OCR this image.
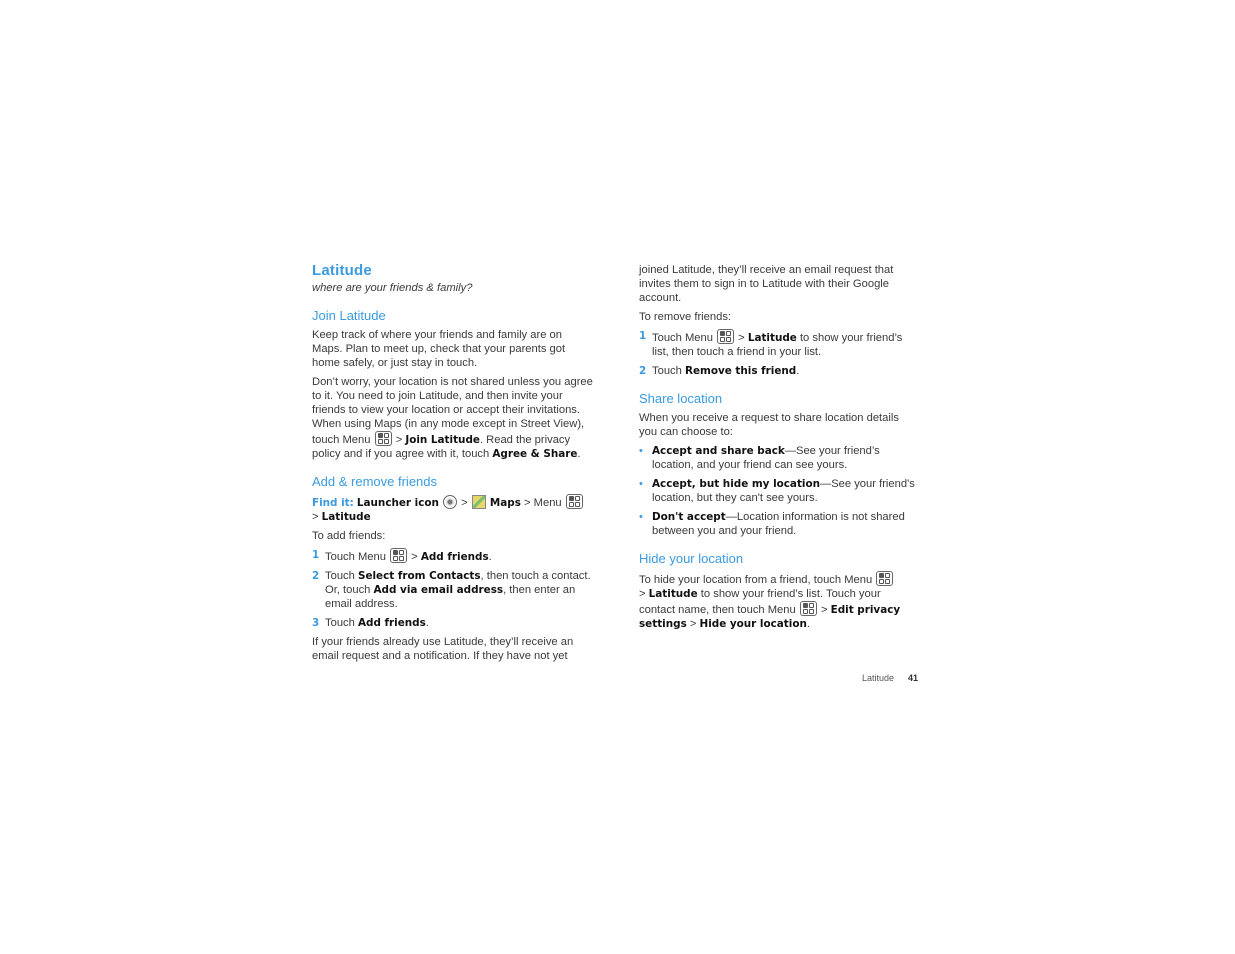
Latitude

where are your friends & family?

Join Latitude

Keep track of where your friends and family are on Maps. Plan to meet up, check that your parents got home safely, or just stay in touch.

Don’t worry, your location is not shared unless you agree to it. You need to join Latitude, and then invite your friends to view your location or accept their invitations. When using Maps (in any mode except in Street View), touch Menu > Join Latitude. Read the privacy policy and if you agree with it, touch Agree & Share.

Add & remove friends

Find it: Launcher icon > Maps > Menu

> Latitude

To add friends:

1 Touch Menu > Add friends.
2 Touch Select from Contacts, then touch a contact. Or, touch Add via email address, then enter an email address.
3 Touch Add friends.

If your friends already use Latitude, they’ll receive an email request and a notification. If they have not yet

joined Latitude, they’ll receive an email request that invites them to sign in to Latitude with their Google account.

To remove friends:

1 Touch Menu > Latitude to show your friend’s list, then touch a friend in your list.
2 Touch Remove this friend.
Share location

When you receive a request to share location details you can choose to:

• Accept and share back—See your friend’s location, and your friend can see yours.
• Accept, but hide my location—See your friend's location, but they can't see yours.
• Don't accept—Location information is not shared between you and your friend.
Hide your location

To hide your location from a friend, touch Menu

> Latitude to show your friend’s list. Touch your contact name, then touch Menu > Edit privacy settings > Hide your location.

Latitude 41
